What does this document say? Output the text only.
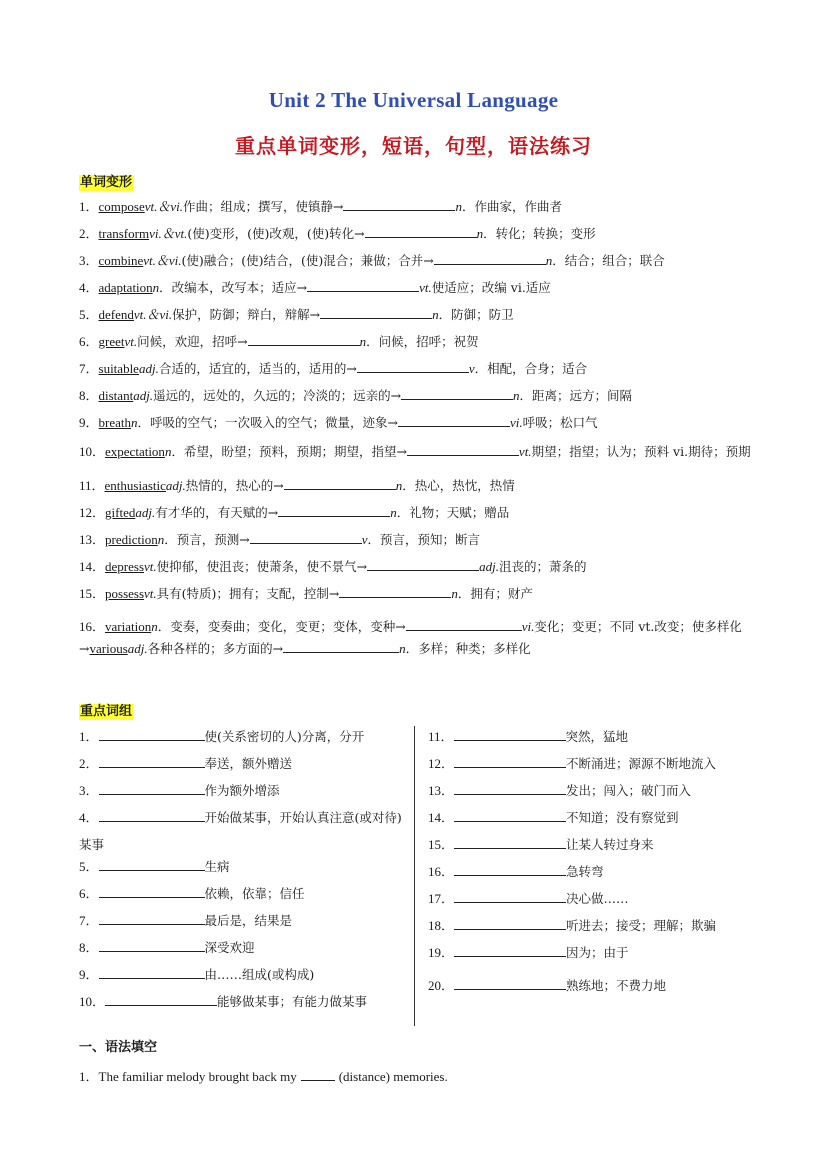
Unit 2 The Universal Language
重点单词变形，短语，句型，语法练习
单词变形
1．composevt.＆vi.作曲；组成；撰写，使镇静→	n．作曲家，作曲者
2．transformvi.＆vt.(使)变形，(使)改观，(使)转化→	n．转化；转换；变形
3．combinevt.＆vi.(使)融合；(使)结合，(使)混合；兼做；合并→	n．结合；组合；联合
4．adaptationn．改编本，改写本；适应→	vt.使适应；改编 vi.适应
5．defendvt.＆vi.保护，防御；辩白，辩解→	n．防御；防卫
6．greetvt.问候，欢迎，招呼→	n．问候，招呼；祝贺
7．suitableadj.合适的，适宜的，适当的，适用的→	v．相配，合身；适合
8．distantadj.遥远的，远处的，久远的；冷淡的；远亲的→	n．距离；远方；间隔
9．breathn．呼吸的空气；一次吸入的空气；微量，迹象→	vi.呼吸；松口气
10．expectationn．希望，盼望；预料，预期；期望，指望→	vt.期望；指望；认为；预料 vi.期待；预期
11．enthusiasticadj.热情的，热心的→	n．热心，热忱，热情
12．giftedadj.有才华的，有天赋的→	n．礼物；天赋；赠品
13．predictionn．预言，预测→	v．预言，预知；断言
14．depressvt.使抑郁，使沮丧；使萧条，使不景气→	adj.沮丧的；萧条的
15．possessvt.具有(特质)；拥有；支配，控制→	n．拥有；财产
16．variationn．变奏，变奏曲；变化，变更；变体，变种→	vi.变化；变更；不同 vt.改变；使多样化→variousadj.各种各样的；多方面的→	n．多样；种类；多样化
重点词组
1．	使(关系密切的人)分离，分开
2．	奉送，额外赠送
3．	作为额外增添
4．	开始做某事，开始认真注意(或对待)某事
5．	生病
6．	依赖，依靠；信任
7．	最后是，结果是
8．	深受欢迎
9．	由……组成(或构成)
10．	能够做某事；有能力做某事
11．	突然，猛地
12．	不断涌进；源源不断地流入
13．	发出；闯入；破门而入
14．	不知道；没有察觉到
15．	让某人转过身来
16．	急转弯
17．	决心做……
18．	听进去；接受；理解；欺骗
19．	因为；由于
20．	熟练地；不费力地
一、语法填空
1．The familiar melody brought back my	(distance) memories.
